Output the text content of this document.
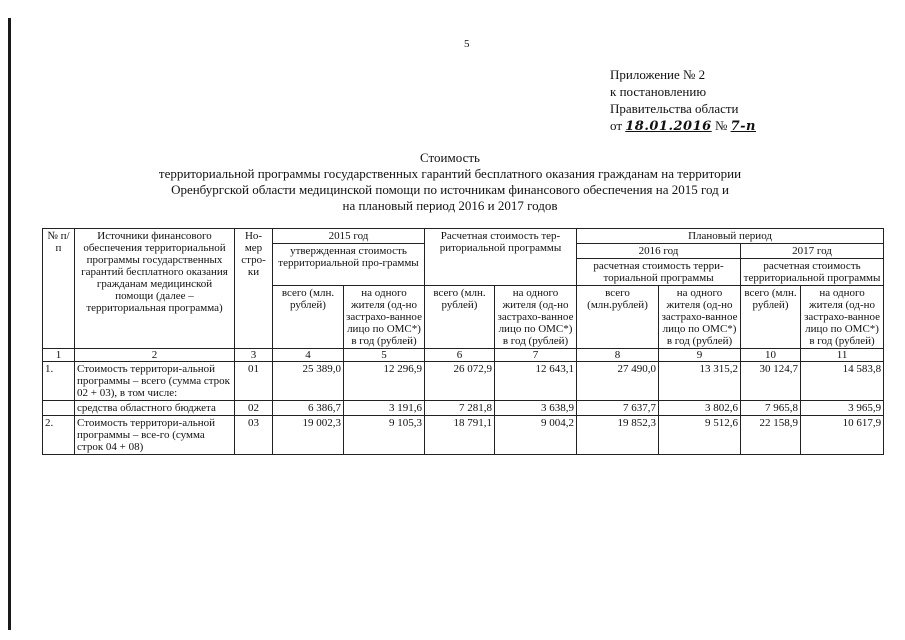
5
Приложение № 2
к постановлению
Правительства области
от 18.01.2016 № 7-п
Стоимость
территориальной программы государственных гарантий бесплатного оказания гражданам на территории
Оренбургской области медицинской помощи по источникам финансового обеспечения на 2015 год и
на плановый период 2016 и 2017 годов
№ п/п	Источники финансового обеспечения территориальной программы государственных гарантий бесплатного оказания гражданам медицинской помощи (далее – территориальная программа)	Но-мер стро-ки	2015 год		Расчетная стоимость тер-риториальной программы		Плановый период			
			утвержденная стоимость территориальной про-граммы				2016 год		2017 год	
							расчетная стоимость терри-ториальной программы		расчетная стоимость территориальной программы	
			всего (млн. рублей)	на одного жителя (од-но застрахо-ванное лицо по ОМС*) в год (рублей)	всего (млн. рублей)	на одного жителя (од-но застрахо-ванное лицо по ОМС*) в год (рублей)	всего (млн.рублей)	на одного жителя (од-но застрахо-ванное лицо по ОМС*) в год (рублей)	всего (млн. рублей)	на одного жителя (од-но застрахо-ванное лицо по ОМС*) в год (рублей)
1	2	3	4	5	6	7	8	9	10	11
1.	Стоимость территори-альной программы – всего (сумма строк 02 + 03), в том числе:	01	25 389,0	12 296,9	26 072,9	12 643,1	27 490,0	13 315,2	30 124,7	14 583,8
	средства областного бюджета	02	6 386,7	3 191,6	7 281,8	3 638,9	7 637,7	3 802,6	7 965,8	3 965,9
2.	Стоимость территори-альной программы – все-го (сумма строк 04 + 08)	03	19 002,3	9 105,3	18 791,1	9 004,2	19 852,3	9 512,6	22 158,9	10 617,9
